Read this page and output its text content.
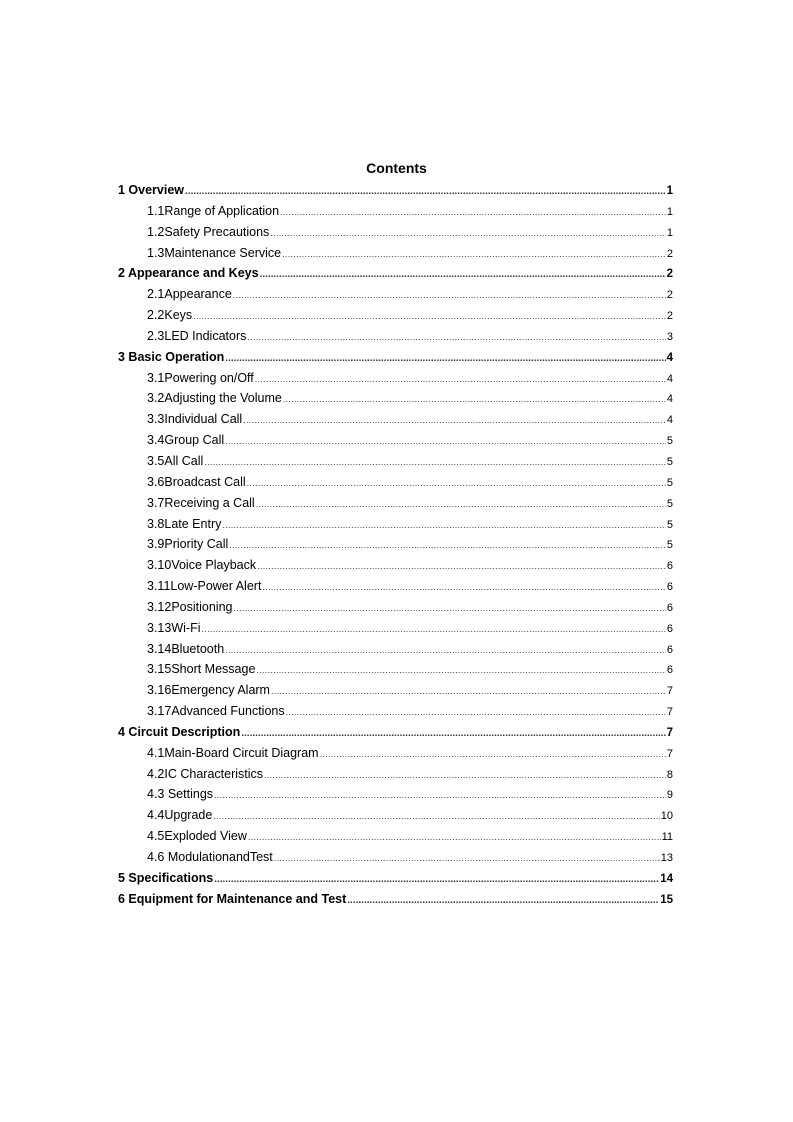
Contents
1 Overview .....	1
1.1Range of Application .....	1
1.2Safety Precautions .....	1
1.3Maintenance Service .....	2
2 Appearance and Keys .....	2
2.1Appearance .....	2
2.2Keys .....	2
2.3LED Indicators .....	3
3 Basic Operation .....	4
3.1Powering on/Off .....	4
3.2Adjusting the Volume .....	4
3.3Individual Call .....	4
3.4Group Call .....	5
3.5All Call .....	5
3.6Broadcast Call .....	5
3.7Receiving a Call .....	5
3.8Late Entry .....	5
3.9Priority Call .....	5
3.10Voice Playback .....	6
3.11Low-Power Alert .....	6
3.12Positioning .....	6
3.13Wi-Fi .....	6
3.14Bluetooth .....	6
3.15Short Message .....	6
3.16Emergency Alarm .....	7
3.17Advanced Functions .....	7
4 Circuit Description .....	7
4.1Main-Board Circuit Diagram .....	7
4.2IC Characteristics .....	8
4.3 Settings .....	9
4.4Upgrade .....	10
4.5Exploded View .....	11
4.6 ModulationandTest .....	13
5 Specifications .....	14
6 Equipment for Maintenance and Test .....	15
